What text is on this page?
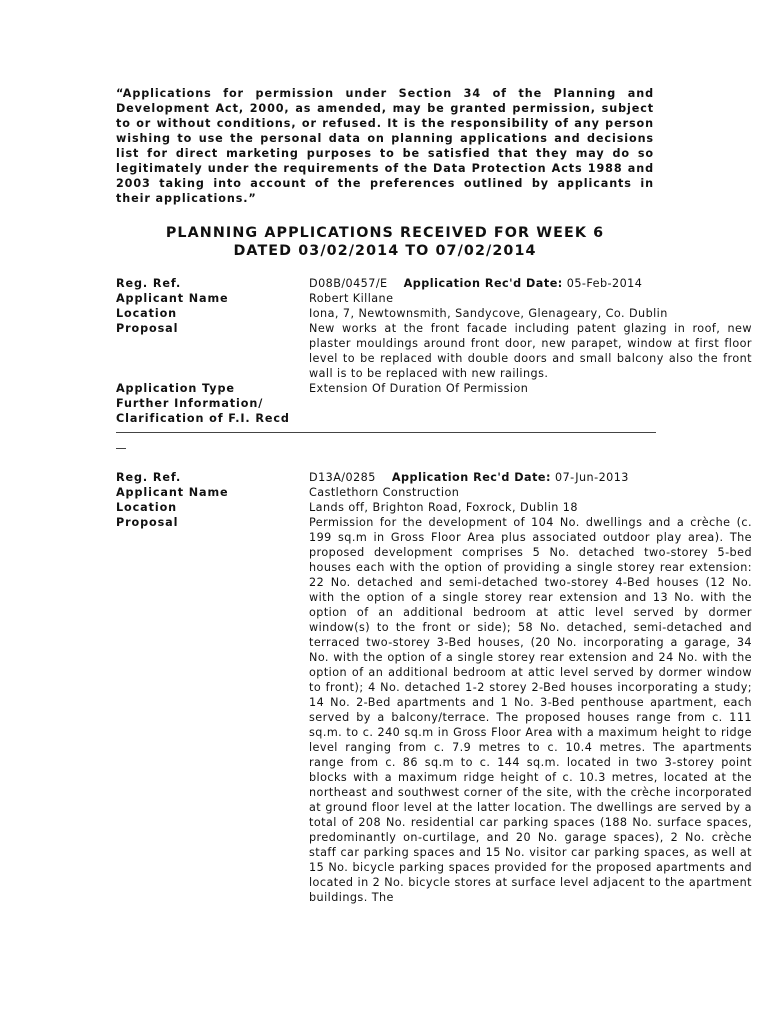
“Applications for permission under Section 34 of the Planning and Development Act, 2000, as amended, may be granted permission, subject to or without conditions, or refused. It is the responsibility of any person wishing to use the personal data on planning applications and decisions list for direct marketing purposes to be satisfied that they may do so legitimately under the requirements of the Data Protection Acts 1988 and 2003 taking into account of the preferences outlined by applicants in their applications.”
PLANNING APPLICATIONS RECEIVED FOR WEEK 6
DATED 03/02/2014 TO 07/02/2014
Reg. Ref.	D08B/0457/E Application Rec'd Date: 05-Feb-2014
Applicant Name	Robert Killane
Location	Iona, 7, Newtownsmith, Sandycove, Glenageary, Co. Dublin
Proposal	New works at the front facade including patent glazing in roof, new plaster mouldings around front door, new parapet, window at first floor level to be replaced with double doors and small balcony also the front wall is to be replaced with new railings.
Application Type	Extension Of Duration Of Permission
Further Information/
Clarification of F.I. Recd
Reg. Ref.	D13A/0285 Application Rec'd Date: 07-Jun-2013
Applicant Name	Castlethorn Construction
Location	Lands off, Brighton Road, Foxrock, Dublin 18
Proposal	Permission for the development of 104 No. dwellings and a crèche (c. 199 sq.m in Gross Floor Area plus associated outdoor play area). The proposed development comprises 5 No. detached two-storey 5-bed houses each with the option of providing a single storey rear extension: 22 No. detached and semi-detached two-storey 4-Bed houses (12 No. with the option of a single storey rear extension and 13 No. with the option of an additional bedroom at attic level served by dormer window(s) to the front or side); 58 No. detached, semi-detached and terraced two-storey 3-Bed houses, (20 No. incorporating a garage, 34 No. with the option of a single storey rear extension and 24 No. with the option of an additional bedroom at attic level served by dormer window to front); 4 No. detached 1-2 storey 2-Bed houses incorporating a study; 14 No. 2-Bed apartments and 1 No. 3-Bed penthouse apartment, each served by a balcony/terrace. The proposed houses range from c. 111 sq.m. to c. 240 sq.m in Gross Floor Area with a maximum height to ridge level ranging from c. 7.9 metres to c. 10.4 metres. The apartments range from c. 86 sq.m to c. 144 sq.m. located in two 3-storey point blocks with a maximum ridge height of c. 10.3 metres, located at the northeast and southwest corner of the site, with the crèche incorporated at ground floor level at the latter location. The dwellings are served by a total of 208 No. residential car parking spaces (188 No. surface spaces, predominantly on-curtilage, and 20 No. garage spaces), 2 No. crèche staff car parking spaces and 15 No. visitor car parking spaces, as well at 15 No. bicycle parking spaces provided for the proposed apartments and located in 2 No. bicycle stores at surface level adjacent to the apartment buildings. The
